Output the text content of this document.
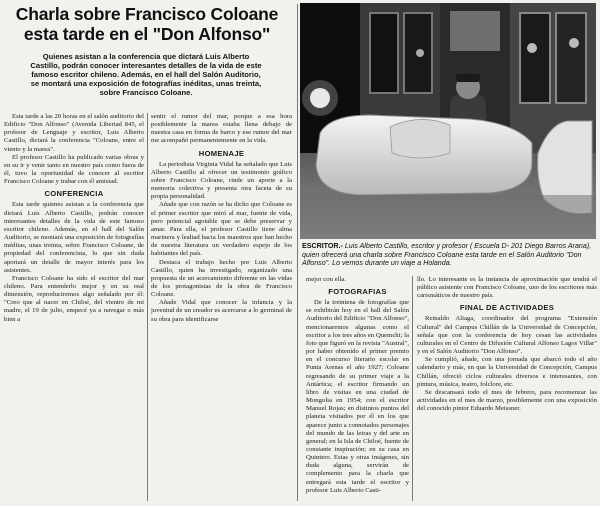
Charla sobre Francisco Coloane esta tarde en el "Don Alfonso"
Quienes asistan a la conferencia que dictará Luis Alberto Castillo, podrán conocer interesantes detalles de la vida de este famoso escritor chileno. Además, en el hall del Salón Auditorio, se montará una exposición de fotografías inéditas, unas treinta, sobre Francisco Coloane.

Esta tarde a las 20 horas en el salón auditorio del Edificio "Don Alfonso" (Avenida Libertad 845, el profesor de Lenguaje y escritor, Luis Alberto Castillo, dictará la conferencia "Coloane, entre el viento y la marea".

El profesor Castillo ha publicado varias obras y en su ir y venir tanto en nuestro país como fuera de él, tuvo la oportunidad de conocer al escritor Francisco Coloane y trabar con él amistad.

CONFERENCIA

Esta tarde quienes asistan a la conferencia que dictará Luis Alberto Castillo, podrán conocer interesantes detalles de la vida de este famoso escritor chileno. Además, en el hall del Salón Auditorio, se montará una exposición de fotografías inéditas, unas treinta, sobre Francisco Coloane, de propiedad del conferencista, lo que sin duda aportará un detalle de mayor interés para los asistentes.

Francisco Coloane ha sido el escritor del mar chileno. Para entenderlo mejor y en su real dimensión, reproduciremos algo señalado por él: "Creo que al nacer en Chiloé, del vientre de mi madre, el 19 de julio, empecé ya a navegar o más bien a

sentir el rumor del mar, porque a esa hora posiblemente la marea estaba llena debajo de nuestra casa en forma de barco y ese rumor del mar me acompañó permanentemente en la vida.

HOMENAJE

La periodista Virginia Vidal ha señalado que Luis Alberto Castillo al ofrecer un testimonio gráfico sobre Francisco Coloane, rinde un aporte a la memoria colectiva y presenta otra faceta de su propia personalidad.

Añade que con razón se ha dicho que Coloane es el primer escritor que miró al mar, fuente de vida, pero potencial agotable que se debe preservar y amar. Para ella, el profesor Castillo tiene alma marinera y lealtad hacia los maestros que han hecho de nuestra literatura un verdadero espejo de los habitantes del país.

Destaca el trabajo hecho por Luis Alberto Castillo, quien ha investigado, organizado una propuesta de un acercamiento diferente en las vidas de los protagonistas de la obra de Francisco Coloane.

Añade Vidal que conocer la infancia y la juventud de un creador es acercarse a lo germinal de su obra para identificarse

ESCRITOR.- Luis Alberto Castillo, escritor y profesor ( Escuela D- 201 Diego Barros Arana), quien ofrecerá una charla sobre Francisco Coloane esta tarde en el Salón Auditorio "Don Alfonso". Lo vemos durante un viaje a Holanda.

mejor con ella.

FOTOGRAFIAS

De la treintena de fotografías que se exhibirán hoy en el hall del Salón Auditorio del Edificio "Don Alfonso", mencionaremos algunas como el escritor a los tres años en Quemchi; la foto que figuró en la revista "Austral", por haber obtenido el primer premio en el concurso literario escolar en Punta Arenas el año 1927; Coloane regresando de su primer viaje a la Antártica; el escritor firmando un libro de visitas en una ciudad de Mongolia en 1954; con el escritor Manuel Rojas; en distintos puntos del planeta visitados por él en los que aparece junto a connotados personajes del mundo de las letras y del arte en general; en la Isla de Chiloé, fuente de constante inspiración; en su casa en Quintero. Estas y otras imágenes, sin duda alguna, servirán de complemento para la charla que entregará esta tarde el escritor y profesor Luis Alberto Casti-

llo. Lo interesante es la instancia de aproximación que tendrá el público asistente con Francisco Coloane, uno de los escritores más carismáticos de nuestro país.

FINAL DE ACTIVIDADES

Reinaldo Aliaga, coordinador del programa "Extensión Cultural" del Campus Chillán de la Universidad de Concepción, señala que con la conferencia de hoy cesan las actividades culturales en el Centro de Difusión Cultural Alfonso Lagos Villar" y en el Salón Auditorio "Don Alfonso".

Se cumplió, añade, con una jornada que abarcó todo el año calendario y más, en que la Universidad de Concepción, Campus Chillán, ofreció ciclos culturales diversos e interesantes, con pintura, música, teatro, folclore, etc.

Se descansará todo el mes de febrero, para recomenzar las actividades en el mes de marzo, posiblemente con una exposición del conocido pintor Eduardo Meissner.
